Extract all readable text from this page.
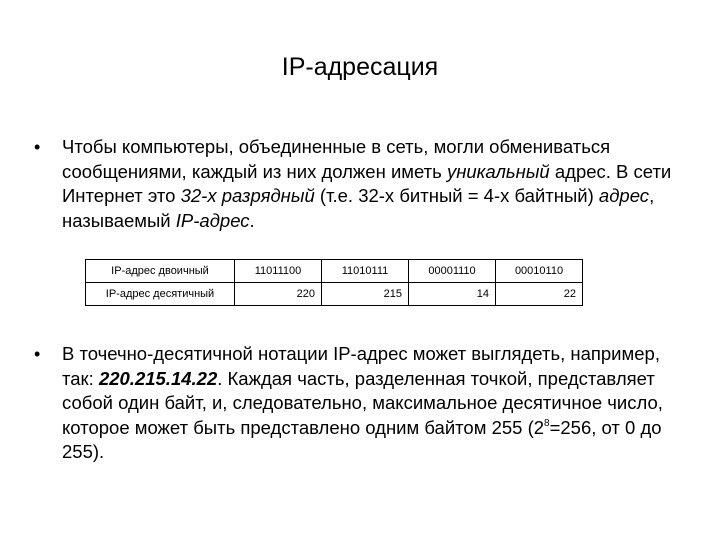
IP-адресация
• Чтобы компьютеры, объединенные в сеть, могли обмениваться сообщениями, каждый из них должен иметь уникальный адрес. В сети Интернет это 32-х разрядный (т.е. 32-х битный = 4-х байтный) адрес, называемый IP-адрес.
IP-адрес двоичный	11011100	11010111	00001110	00010110
IP-адрес десятичный	220	215	14	22
• В точечно-десятичной нотации IP-адрес может выглядеть, например, так: 220.215.14.22. Каждая часть, разделенная точкой, представляет собой один байт, и, следовательно, максимальное десятичное число, которое может быть представлено одним байтом 255 ($2^8=256$, от 0 до 255).
